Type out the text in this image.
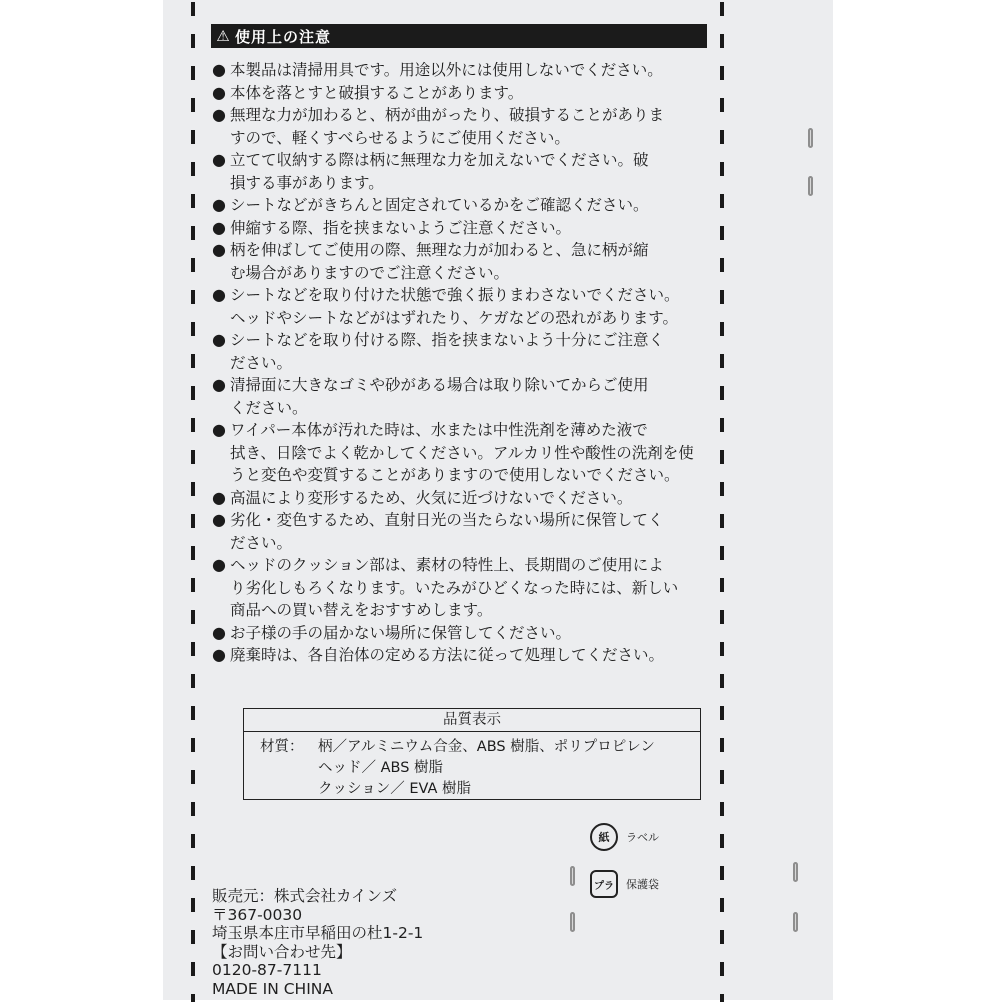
⚠ 使用上の注意
● 本製品は清掃用具です。用途以外には使用しないでください。
● 本体を落とすと破損することがあります。
● 無理な力が加わると、柄が曲がったり、破損することがありま
すので、軽くすべらせるようにご使用ください。
● 立てて収納する際は柄に無理な力を加えないでください。破
損する事があります。
● シートなどがきちんと固定されているかをご確認ください。
● 伸縮する際、指を挟まないようご注意ください。
● 柄を伸ばしてご使用の際、無理な力が加わると、急に柄が縮
む場合がありますのでご注意ください。
● シートなどを取り付けた状態で強く振りまわさないでください。
ヘッドやシートなどがはずれたり、ケガなどの恐れがあります。
● シートなどを取り付ける際、指を挟まないよう十分にご注意く
ださい。
● 清掃面に大きなゴミや砂がある場合は取り除いてからご使用
ください。
● ワイパー本体が汚れた時は、水または中性洗剤を薄めた液で
拭き、日陰でよく乾かしてください。アルカリ性や酸性の洗剤を使
うと変色や変質することがありますので使用しないでください。
● 高温により変形するため、火気に近づけないでください。
● 劣化・変色するため、直射日光の当たらない場所に保管してく
ださい。
● ヘッドのクッション部は、素材の特性上、長期間のご使用によ
り劣化しもろくなります。いたみがひどくなった時には、新しい
商品への買い替えをおすすめします。
● お子様の手の届かない場所に保管してください。
● 廃棄時は、各自治体の定める方法に従って処理してください。
品質表示
材質：	柄／アルミニウム合金、ABS 樹脂、ポリプロピレン
ヘッド／ ABS 樹脂
クッション／ EVA 樹脂
紙	ラベル
プラ	保護袋
販売元：株式会社カインズ
〒367-0030
埼玉県本庄市早稲田の杜1-2-1
【お問い合わせ先】
0120-87-7111
MADE IN CHINA
